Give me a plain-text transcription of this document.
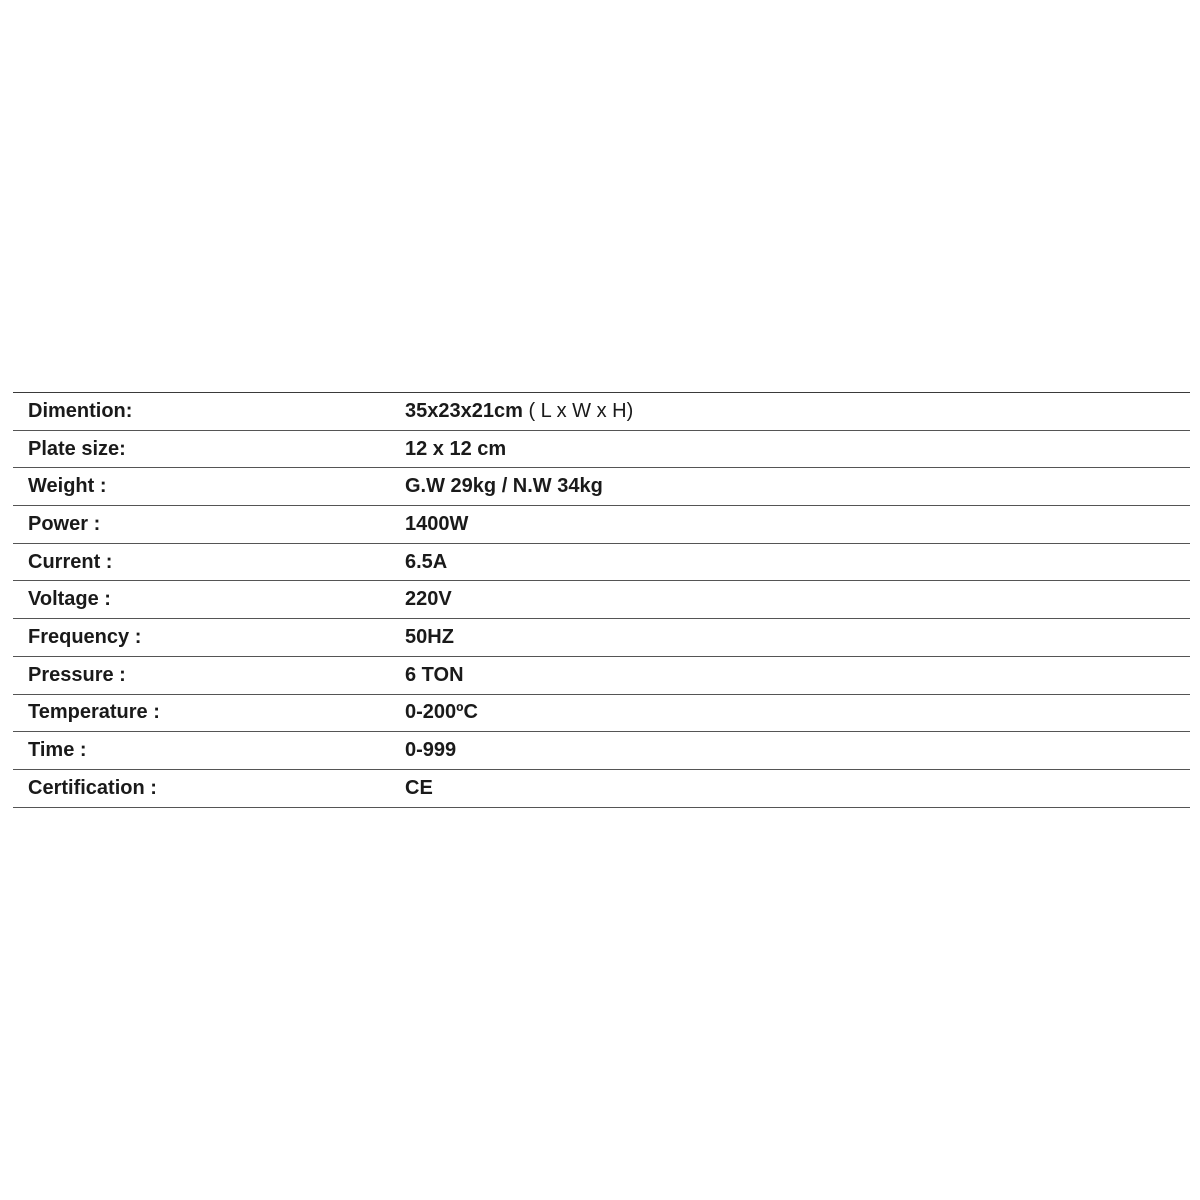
Dimention:	35x23x21cm ( L x W x H)
Plate size:	12 x 12 cm
Weight :	G.W 29kg / N.W 34kg
Power :	1400W
Current :	6.5A
Voltage :	220V
Frequency :	50HZ
Pressure :	6 TON
Temperature :	0-200ºC
Time :	0-999
Certification :	CE
